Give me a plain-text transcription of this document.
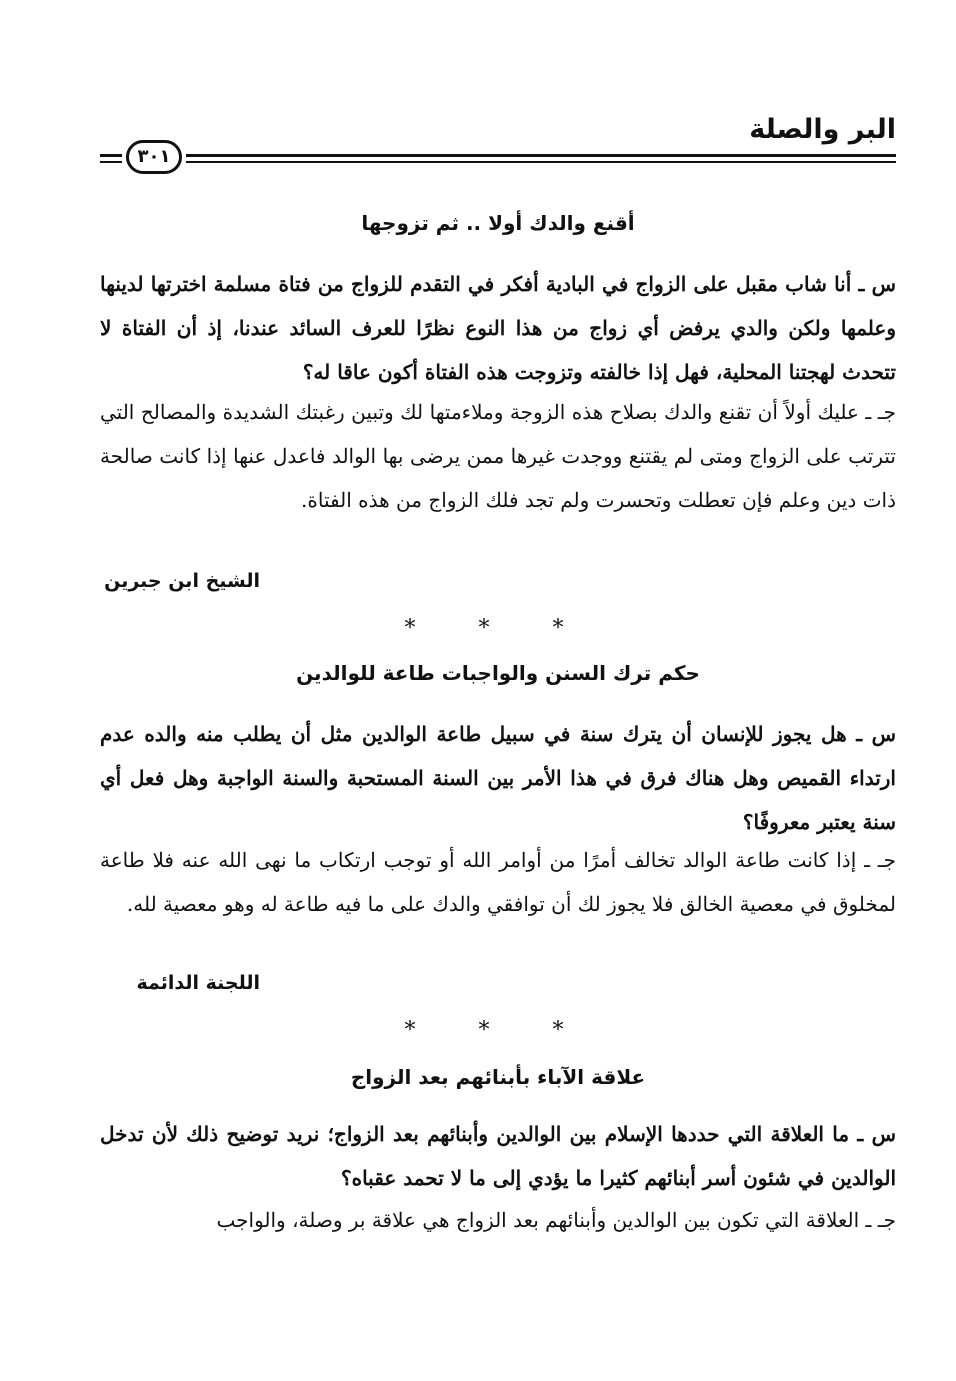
البر والصلة
٣٠١
أقنع والدك أولا .. ثم تزوجها
س ـ أنا شاب مقبل على الزواج في البادية أفكر في التقدم للزواج من فتاة مسلمة اخترتها لدينها وعلمها ولكن والدي يرفض أي زواج من هذا النوع نظرًا للعرف السائد عندنا، إذ أن الفتاة لا تتحدث لهجتنا المحلية، فهل إذا خالفته وتزوجت هذه الفتاة أكون عاقا له؟
جـ ـ عليك أولاً أن تقنع والدك بصلاح هذه الزوجة وملاءمتها لك وتبين رغبتك الشديدة والمصالح التي تترتب على الزواج ومتى لم يقتنع ووجدت غيرها ممن يرضى بها الوالد فاعدل عنها إذا كانت صالحة ذات دين وعلم فإن تعطلت وتحسرت ولم تجد فلك الزواج من هذه الفتاة.
الشيخ ابن جبرين
* * *
حكم ترك السنن والواجبات طاعة للوالدين
س ـ هل يجوز للإنسان أن يترك سنة في سبيل طاعة الوالدين مثل أن يطلب منه والده عدم ارتداء القميص وهل هناك فرق في هذا الأمر بين السنة المستحبة والسنة الواجبة وهل فعل أي سنة يعتبر معروفًا؟
جـ ـ إذا كانت طاعة الوالد تخالف أمرًا من أوامر الله أو توجب ارتكاب ما نهى الله عنه فلا طاعة لمخلوق في معصية الخالق فلا يجوز لك أن توافقي والدك على ما فيه طاعة له وهو معصية لله.
اللجنة الدائمة
* * *
علاقة الآباء بأبنائهم بعد الزواج
س ـ ما العلاقة التي حددها الإسلام بين الوالدين وأبنائهم بعد الزواج؛ نريد توضيح ذلك لأن تدخل الوالدين في شئون أسر أبنائهم كثيرا ما يؤدي إلى ما لا تحمد عقباه؟
جـ ـ العلاقة التي تكون بين الوالدين وأبنائهم بعد الزواج هي علاقة بر وصلة، والواجب
